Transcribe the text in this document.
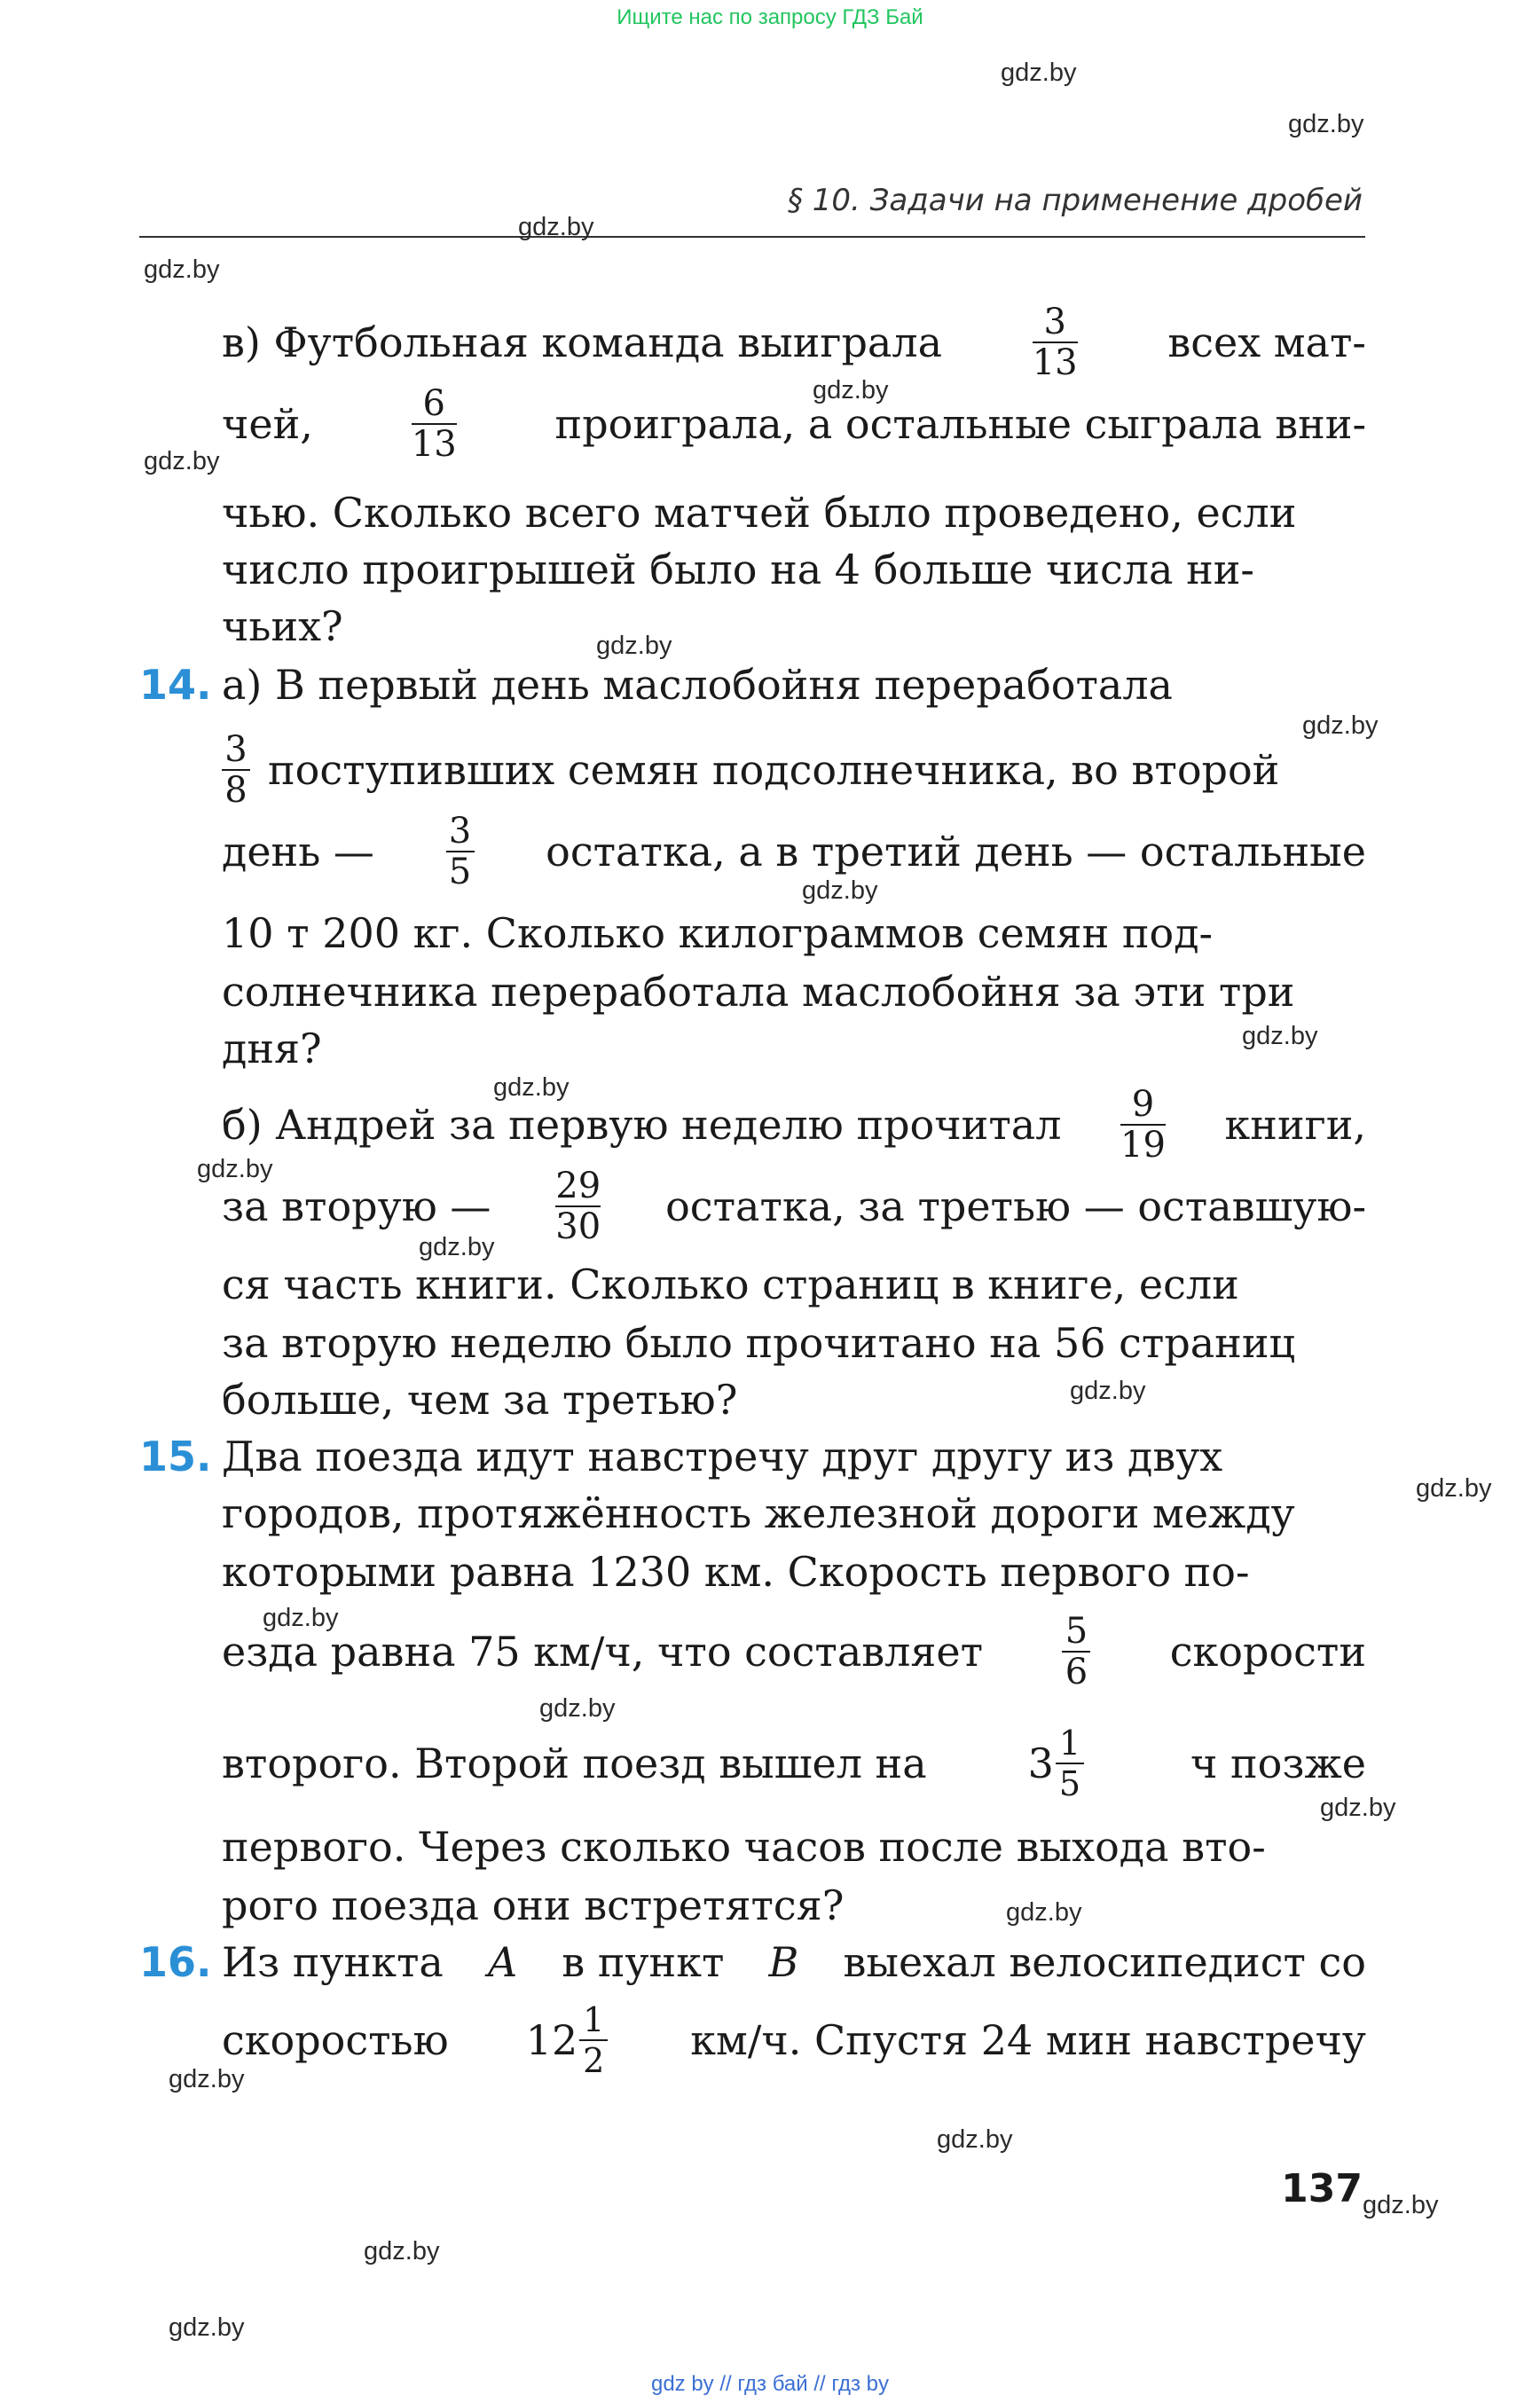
Ищите нас по запросу ГДЗ Бай
gdz.by
gdz.by
§ 10. Задачи на применение дробей
gdz.by
gdz.by
в) Футбольная команда выиграла	$\frac{3}{13}$ всех мат-
gdz.by
gdz.by
чей,	$\frac{6}{13}$ проиграла, а остальные сыграла вни-
чью. Сколько всего матчей было проведено, если
число проигрышей было на 4 больше числа ни-
чьих?	gdz.by
14. а) В первый день маслобойня переработала
gdz.by
$\frac{3}{8}$ поступивших семян подсолнечника, во второй
день — $\frac{3}{5}$ остатка, а в третий день — остальные
gdz.by
10 т 200 кг. Сколько килограммов семян под-
солнечника переработала маслобойня за эти три
дня?	gdz.by
gdz.by
б) Андрей за первую неделю прочитал $\frac{9}{19}$ книги,
gdz.by
за вторую — $\frac{29}{30}$ остатка, за третью — оставшую-
gdz.by
ся часть книги. Сколько страниц в книге, если
за вторую неделю было прочитано на 56 страниц
больше, чем за третью?	gdz.by
15. Два поезда идут навстречу друг другу из двух
gdz.by
городов, протяжённость железной дороги между
которыми равна 1230 км. Скорость первого по-
gdz.by
езда равна 75 км/ч, что составляет $\frac{5}{6}$ скорости
gdz.by
второго. Второй поезд вышел на $3 \frac{1}{5}$	ч позже
gdz.by
первого. Через сколько часов после выхода вто-
рого поезда они встретятся?	gdz.by
16. Из пункта A в пункт B выехал велосипедист со
скоростью $12 \frac{1}{2} км/ч$. Спустя 24 мин навстречу
gdz.by
gdz.by
137 gdz.by
gdz.by
gdz.by
gdz by // гдз бай // гдз by
